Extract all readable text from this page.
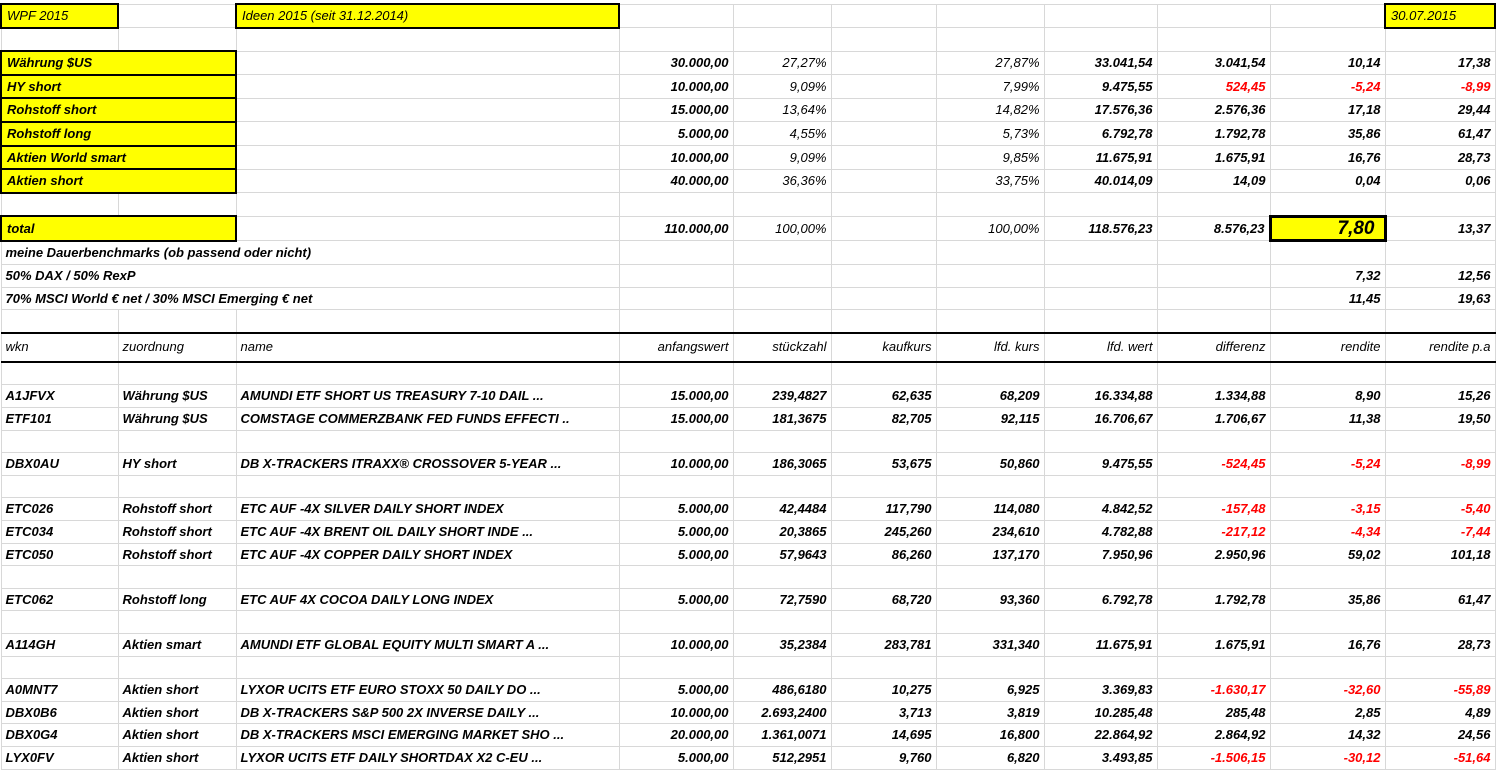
WPF 2015		Ideen 2015 (seit 31.12.2014)								30.07.2015

Währung $US			30.000,00	27,27%		27,87%	33.041,54	3.041,54	10,14	17,38
HY short			10.000,00	9,09%		7,99%	9.475,55	524,45	-5,24	-8,99
Rohstoff short			15.000,00	13,64%		14,82%	17.576,36	2.576,36	17,18	29,44
Rohstoff long			5.000,00	4,55%		5,73%	6.792,78	1.792,78	35,86	61,47
Aktien World smart			10.000,00	9,09%		9,85%	11.675,91	1.675,91	16,76	28,73
Aktien short			40.000,00	36,36%		33,75%	40.014,09	14,09	0,04	0,06

total			110.000,00	100,00%		100,00%	118.576,23	8.576,23	7,80	13,37
meine Dauerbenchmarks (ob passend oder nicht)										
50% DAX / 50% RexP									7,32	12,56
70% MSCI World € net / 30% MSCI Emerging € net									11,45	19,63

wkn	zuordnung	name	anfangswert	stückzahl	kaufkurs	lfd. kurs	lfd. wert	differenz	rendite	rendite p.a

A1JFVX	Währung $US	AMUNDI ETF SHORT US TREASURY 7-10 DAIL ...	15.000,00	239,4827	62,635	68,209	16.334,88	1.334,88	8,90	15,26
ETF101	Währung $US	COMSTAGE COMMERZBANK FED FUNDS EFFECTI ..	15.000,00	181,3675	82,705	92,115	16.706,67	1.706,67	11,38	19,50

DBX0AU	HY short	DB X-TRACKERS ITRAXX® CROSSOVER 5-YEAR ...	10.000,00	186,3065	53,675	50,860	9.475,55	-524,45	-5,24	-8,99

ETC026	Rohstoff short	ETC AUF -4X SILVER DAILY SHORT INDEX	5.000,00	42,4484	117,790	114,080	4.842,52	-157,48	-3,15	-5,40
ETC034	Rohstoff short	ETC AUF -4X BRENT OIL DAILY SHORT INDE ...	5.000,00	20,3865	245,260	234,610	4.782,88	-217,12	-4,34	-7,44
ETC050	Rohstoff short	ETC AUF -4X COPPER DAILY SHORT INDEX	5.000,00	57,9643	86,260	137,170	7.950,96	2.950,96	59,02	101,18

ETC062	Rohstoff long	ETC AUF 4X COCOA DAILY LONG INDEX	5.000,00	72,7590	68,720	93,360	6.792,78	1.792,78	35,86	61,47

A114GH	Aktien smart	AMUNDI ETF GLOBAL EQUITY MULTI SMART A ...	10.000,00	35,2384	283,781	331,340	11.675,91	1.675,91	16,76	28,73

A0MNT7	Aktien short	LYXOR UCITS ETF EURO STOXX 50 DAILY DO ...	5.000,00	486,6180	10,275	6,925	3.369,83	-1.630,17	-32,60	-55,89
DBX0B6	Aktien short	DB X-TRACKERS S&P 500 2X INVERSE DAILY ...	10.000,00	2.693,2400	3,713	3,819	10.285,48	285,48	2,85	4,89
DBX0G4	Aktien short	DB X-TRACKERS MSCI EMERGING MARKET SHO ...	20.000,00	1.361,0071	14,695	16,800	22.864,92	2.864,92	14,32	24,56
LYX0FV	Aktien short	LYXOR UCITS ETF DAILY SHORTDAX X2 C-EU ...	5.000,00	512,2951	9,760	6,820	3.493,85	-1.506,15	-30,12	-51,64
